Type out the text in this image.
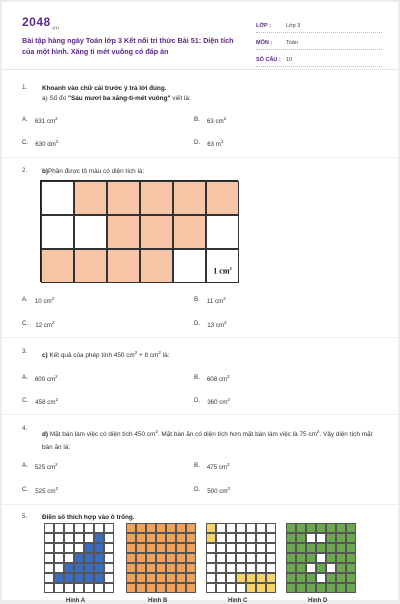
$2048_{.vn}$
Bài tập hàng ngày Toán lớp 3 Kết nối tri thức Bài 51: Diện tích của một hình. Xăng ti mét vuông có đáp án
LỚP :	Lớp 3
MÔN :	Toán
SỐ CÂU : 10
1. Khoanh vào chữ cái trước ý trả lời đúng.
a) Số đo "Sáu mươi ba xăng-ti-mét vuông" viết là:
A. 631 $cm^2$	B. 63 $cm^2$
C. 630 $dm^2$	D. 63 $m^2$
2. b)Phần được tô màu có diện tích là:
1 $cm^2$
A. 10 $cm^2$	B. 11 $cm^2$
C. 12 $cm^2$	D. 13 $cm^2$
3.
c) Kết quả của phép tính 450 $cm^2 + 8$ $cm^2$ là:
A. 600 $cm^2$	B. 608 $cm^2$
C. 458 $cm^2$	D. 360 $cm^2$
4.
d) Mặt bàn làm việc có diện tích 450 $cm^2$. Mặt bàn ăn có diện tích hơn mặt bàn làm việc là 75 $cm^2$. Vậy diện tích mặt bàn ăn là:
A. 525 $cm^2$	B. 475 $cm^2$
C. 525 $cm^2$	D. 500 $cm^2$
5. Điền số thích hợp vào ô trống.
Hình A	Hình B	Hình C	Hình D
